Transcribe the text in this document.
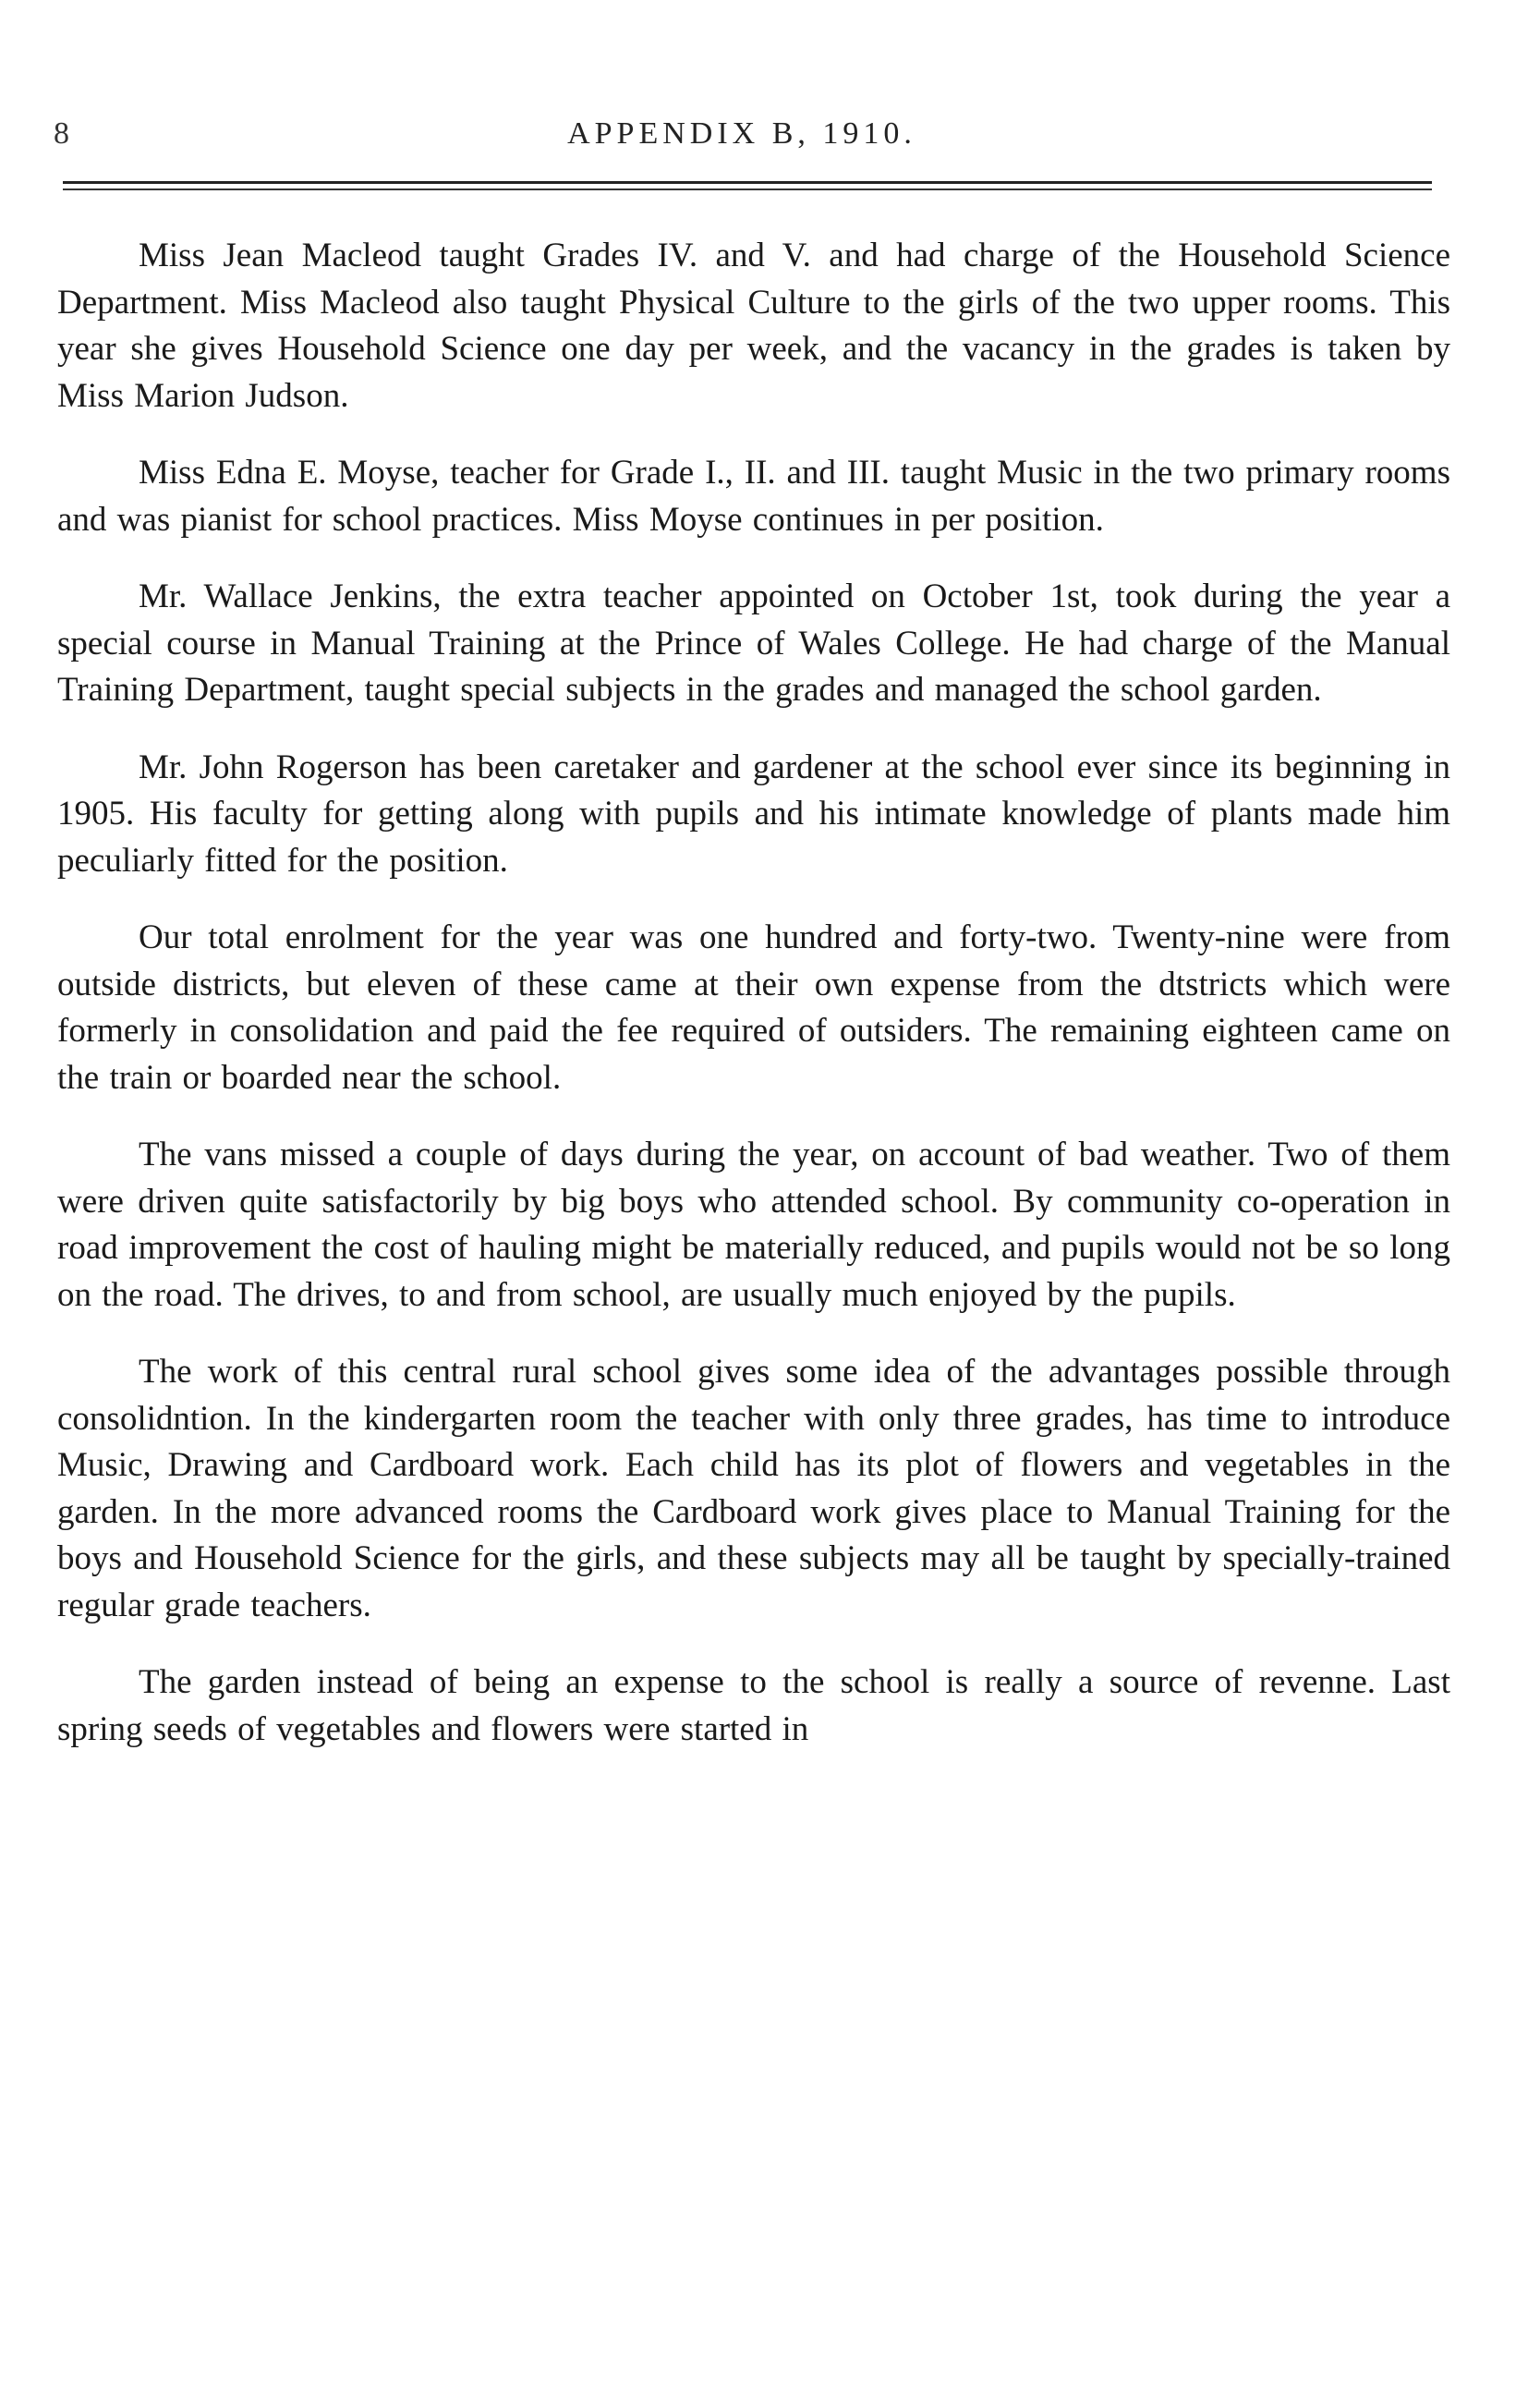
8	APPENDIX B, 1910.

Miss Jean Macleod taught Grades IV. and V. and had charge of the Household Science Department. Miss Macleod also taught Physical Culture to the girls of the two upper rooms. This year she gives Household Science one day per week, and the vacancy in the grades is taken by Miss Marion Judson.

Miss Edna E. Moyse, teacher for Grade I., II. and III. taught Music in the two primary rooms and was pianist for school practices. Miss Moyse continues in per position.

Mr. Wallace Jenkins, the extra teacher appointed on October 1st, took during the year a special course in Manual Training at the Prince of Wales College. He had charge of the Manual Training Department, taught special subjects in the grades and managed the school garden.

Mr. John Rogerson has been caretaker and gardener at the school ever since its beginning in 1905. His faculty for getting along with pupils and his intimate knowledge of plants made him peculiarly fitted for the position.

Our total enrolment for the year was one hundred and forty-two. Twenty-nine were from outside districts, but eleven of these came at their own expense from the dtstricts which were formerly in consolidation and paid the fee required of outsiders. The remaining eighteen came on the train or boarded near the school.

The vans missed a couple of days during the year, on account of bad weather. Two of them were driven quite satisfactorily by big boys who attended school. By community co-operation in road improvement the cost of hauling might be materially reduced, and pupils would not be so long on the road. The drives, to and from school, are usually much enjoyed by the pupils.

The work of this central rural school gives some idea of the advantages possible through consolidntion. In the kindergarten room the teacher with only three grades, has time to introduce Music, Drawing and Cardboard work. Each child has its plot of flowers and vegetables in the garden. In the more advanced rooms the Cardboard work gives place to Manual Training for the boys and Household Science for the girls, and these subjects may all be taught by specially-trained regular grade teachers.

The garden instead of being an expense to the school is really a source of revenne. Last spring seeds of vegetables and flowers were started in
